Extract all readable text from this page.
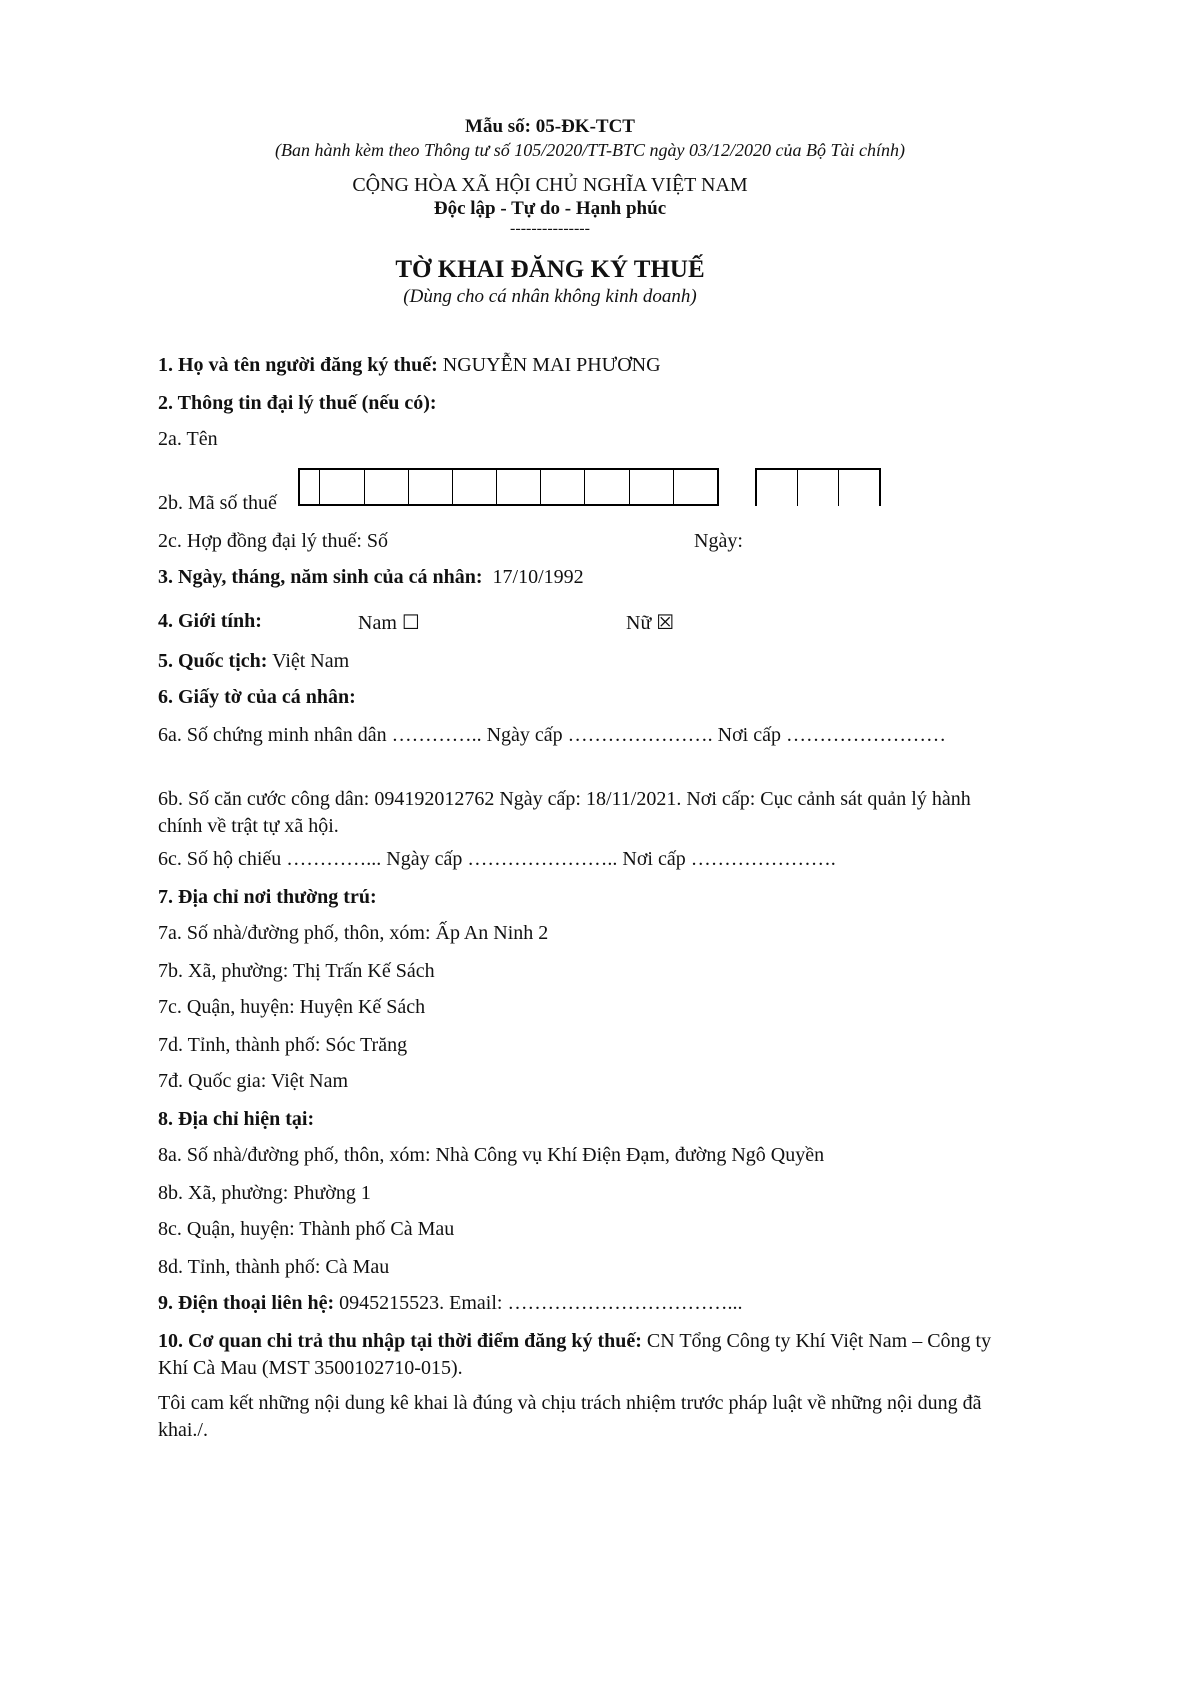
Mẫu số: 05-ĐK-TCT
(Ban hành kèm theo Thông tư số 105/2020/TT-BTC ngày 03/12/2020 của Bộ Tài chính)
CỘNG HÒA XÃ HỘI CHỦ NGHĨA VIỆT NAM
Độc lập - Tự do - Hạnh phúc
---------------
TỜ KHAI ĐĂNG KÝ THUẾ
(Dùng cho cá nhân không kinh doanh)
1. Họ và tên người đăng ký thuế: NGUYỄN MAI PHƯƠNG
2. Thông tin đại lý thuế (nếu có):
2a. Tên
2b. Mã số thuế
2c. Hợp đồng đại lý thuế: Số	Ngày:
3. Ngày, tháng, năm sinh của cá nhân: 17/10/1992
4. Giới tính:	Nam ☐	Nữ ☒
5. Quốc tịch: Việt Nam
6. Giấy tờ của cá nhân:
6a. Số chứng minh nhân dân ………….. Ngày cấp …………………. Nơi cấp ……………………
6b. Số căn cước công dân: 094192012762 Ngày cấp: 18/11/2021. Nơi cấp: Cục cảnh sát quản lý hành chính về trật tự xã hội.
6c. Số hộ chiếu …………... Ngày cấp ………………….. Nơi cấp ………………….
7. Địa chỉ nơi thường trú:
7a. Số nhà/đường phố, thôn, xóm: Ấp An Ninh 2
7b. Xã, phường: Thị Trấn Kế Sách
7c. Quận, huyện: Huyện Kế Sách
7d. Tỉnh, thành phố: Sóc Trăng
7đ. Quốc gia: Việt Nam
8. Địa chỉ hiện tại:
8a. Số nhà/đường phố, thôn, xóm: Nhà Công vụ Khí Điện Đạm, đường Ngô Quyền
8b. Xã, phường: Phường 1
8c. Quận, huyện: Thành phố Cà Mau
8d. Tỉnh, thành phố: Cà Mau
9. Điện thoại liên hệ: 0945215523. Email: ……………………………...
10. Cơ quan chi trả thu nhập tại thời điểm đăng ký thuế: CN Tổng Công ty Khí Việt Nam – Công ty Khí Cà Mau (MST 3500102710-015).
Tôi cam kết những nội dung kê khai là đúng và chịu trách nhiệm trước pháp luật về những nội dung đã khai./.
